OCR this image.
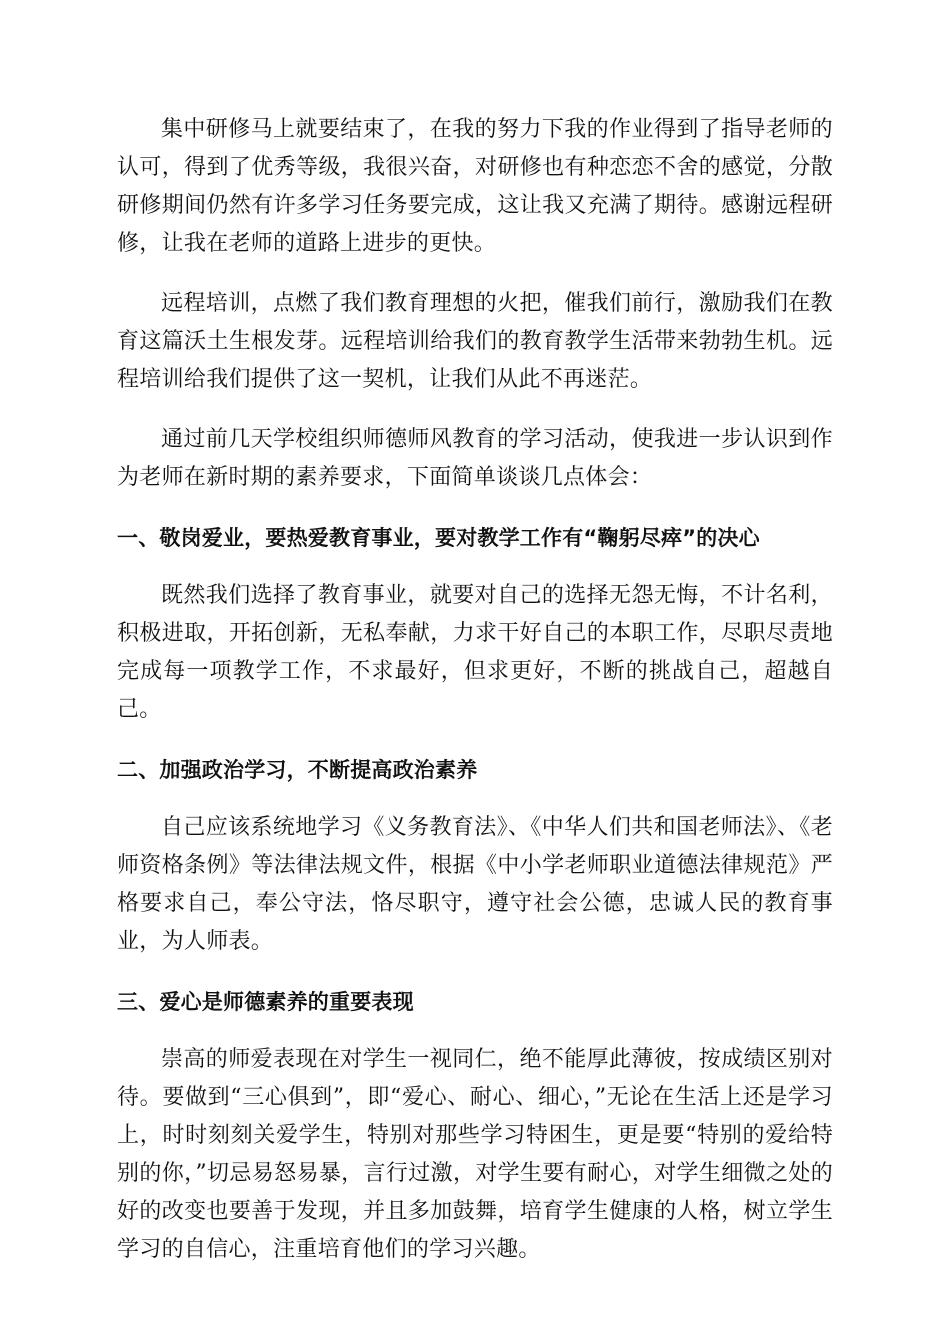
集中研修马上就要结束了，在我的努力下我的作业得到了指导老师的认可，得到了优秀等级，我很兴奋，对研修也有种恋恋不舍的感觉，分散研修期间仍然有许多学习任务要完成，这让我又充满了期待。感谢远程研修，让我在老师的道路上进步的更快。

远程培训，点燃了我们教育理想的火把，催我们前行，激励我们在教育这篇沃土生根发芽。远程培训给我们的教育教学生活带来勃勃生机。远程培训给我们提供了这一契机，让我们从此不再迷茫。

通过前几天学校组织师德师风教育的学习活动，使我进一步认识到作为老师在新时期的素养要求，下面简单谈谈几点体会：

一、敬岗爱业，要热爱教育事业，要对教学工作有“鞠躬尽瘁”的决心

既然我们选择了教育事业，就要对自己的选择无怨无悔，不计名利，积极进取，开拓创新，无私奉献，力求干好自己的本职工作，尽职尽责地完成每一项教学工作，不求最好，但求更好，不断的挑战自己，超越自己。

二、加强政治学习，不断提高政治素养

自己应该系统地学习《义务教育法》、《中华人们共和国老师法》、《老师资格条例》等法律法规文件，根据《中小学老师职业道德法律规范》严格要求自己，奉公守法，恪尽职守，遵守社会公德，忠诚人民的教育事业，为人师表。

三、爱心是师德素养的重要表现

崇高的师爱表现在对学生一视同仁，绝不能厚此薄彼，按成绩区别对待。要做到“三心俱到”，即“爱心、耐心、细心，”无论在生活上还是学习上，时时刻刻关爱学生，特别对那些学习特困生，更是要“特别的爱给特别的你，”切忌易怒易暴，言行过激，对学生要有耐心，对学生细微之处的好的改变也要善于发现，并且多加鼓舞，培育学生健康的人格，树立学生学习的自信心，注重培育他们的学习兴趣。
